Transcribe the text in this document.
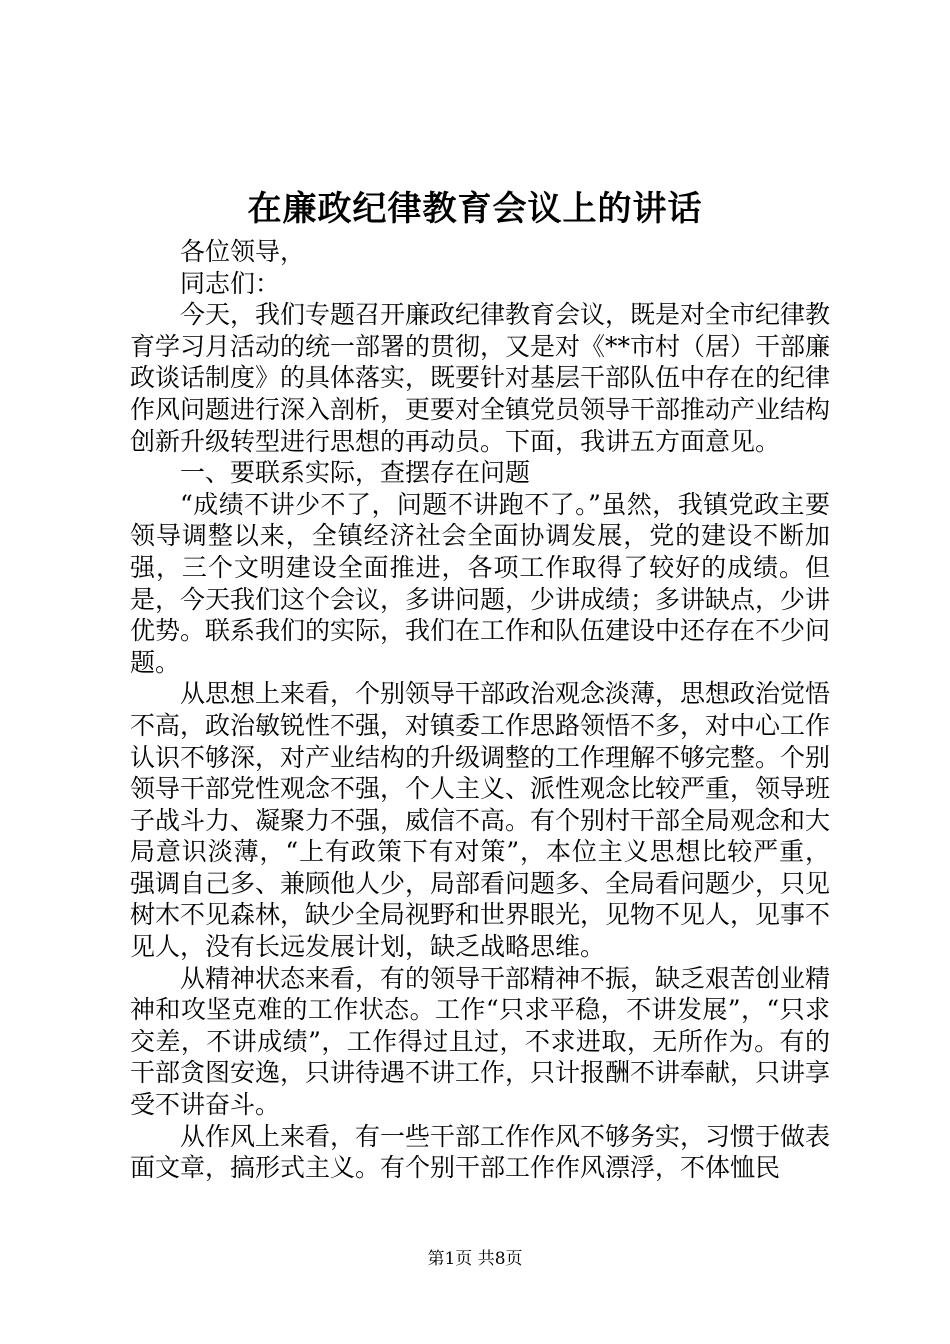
在廉政纪律教育会议上的讲话

各位领导，

同志们：

今天，我们专题召开廉政纪律教育会议，既是对全市纪律教育学习月活动的统一部署的贯彻，又是对《**市村（居）干部廉政谈话制度》的具体落实，既要针对基层干部队伍中存在的纪律作风问题进行深入剖析，更要对全镇党员领导干部推动产业结构创新升级转型进行思想的再动员。下面，我讲五方面意见。

一、要联系实际，查摆存在问题

“成绩不讲少不了，问题不讲跑不了。”虽然，我镇党政主要领导调整以来，全镇经济社会全面协调发展，党的建设不断加强，三个文明建设全面推进，各项工作取得了较好的成绩。但是，今天我们这个会议，多讲问题，少讲成绩；多讲缺点，少讲优势。联系我们的实际，我们在工作和队伍建设中还存在不少问题。

从思想上来看，个别领导干部政治观念淡薄，思想政治觉悟不高，政治敏锐性不强，对镇委工作思路领悟不多，对中心工作认识不够深，对产业结构的升级调整的工作理解不够完整。个别领导干部党性观念不强，个人主义、派性观念比较严重，领导班子战斗力、凝聚力不强，威信不高。有个别村干部全局观念和大局意识淡薄，“上有政策下有对策”，本位主义思想比较严重，强调自己多、兼顾他人少，局部看问题多、全局看问题少，只见树木不见森林，缺少全局视野和世界眼光，见物不见人，见事不见人，没有长远发展计划，缺乏战略思维。

从精神状态来看，有的领导干部精神不振，缺乏艰苦创业精神和攻坚克难的工作状态。工作“只求平稳，不讲发展”，“只求交差，不讲成绩”，工作得过且过，不求进取，无所作为。有的干部贪图安逸，只讲待遇不讲工作，只计报酬不讲奉献，只讲享受不讲奋斗。

从作风上来看，有一些干部工作作风不够务实，习惯于做表面文章，搞形式主义。有个别干部工作作风漂浮，不体恤民

第1页 共8页
